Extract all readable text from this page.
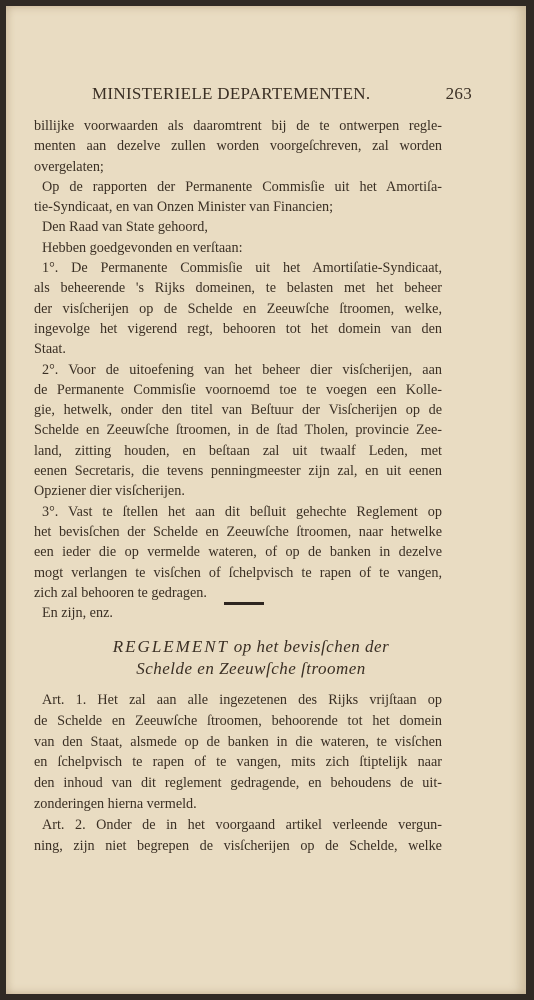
MINISTERIELE DEPARTEMENTEN.	263
billijke voorwaarden als daaromtrent bij de te ontwerpen regle-
menten aan dezelve zullen worden voorgeſchreven, zal worden
overgelaten;
Op de rapporten der Permanente Commisſie uit het Amortiſa-
tie-Syndicaat, en van Onzen Minister van Financien;
Den Raad van State gehoord,
Hebben goedgevonden en verſtaan:
1°. De Permanente Commisſie uit het Amortiſatie-Syndicaat,
als beheerende 's Rijks domeinen, te belasten met het beheer
der visſcherijen op de Schelde en Zeeuwſche ſtroomen, welke,
ingevolge het vigerend regt, behooren tot het domein van den
Staat.
2°. Voor de uitoefening van het beheer dier visſcherijen, aan
de Permanente Commisſie voornoemd toe te voegen een Kolle-
gie, hetwelk, onder den titel van Beſtuur der Visſcherijen op de
Schelde en Zeeuwſche ſtroomen, in de ſtad Tholen, provincie Zee-
land, zitting houden, en beſtaan zal uit twaalf Leden, met
eenen Secretaris, die tevens penningmeester zijn zal, en uit eenen
Opziener dier visſcherijen.
3°. Vast te ſtellen het aan dit beſluit gehechte Reglement op
het bevisſchen der Schelde en Zeeuwſche ſtroomen, naar hetwelke
een ieder die op vermelde wateren, of op de banken in dezelve
mogt verlangen te visſchen of ſchelpvisch te rapen of te vangen,
zich zal behooren te gedragen.
En zijn, enz.
REGLEMENT op het bevisſchen der
Schelde en Zeeuwſche ſtroomen
Art. 1. Het zal aan alle ingezetenen des Rijks vrijſtaan op
de Schelde en Zeeuwſche ſtroomen, behoorende tot het domein
van den Staat, alsmede op de banken in die wateren, te visſchen
en ſchelpvisch te rapen of te vangen, mits zich ſtiptelijk naar
den inhoud van dit reglement gedragende, en behoudens de uit-
zonderingen hierna vermeld.
Art. 2. Onder de in het voorgaand artikel verleende vergun-
ning, zijn niet begrepen de visſcherijen op de Schelde, welke
